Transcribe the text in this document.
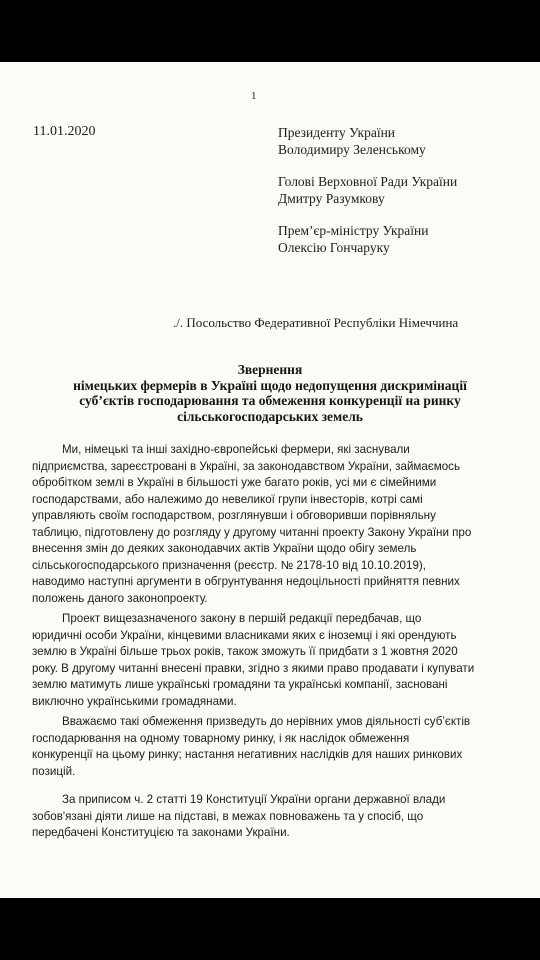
1
11.01.2020	Президенту України
Володимиру Зеленському
Голові Верховної Ради України
Дмитру Разумкову
Прем’єр-міністру України
Олексію Гончаруку
./. Посольство Федеративної Республіки Німеччина
Звернення
німецьких фермерів в Україні щодо недопущення дискримінації
суб’єктів господарювання та обмеження конкуренції на ринку
сільськогосподарських земель
Ми, німецькі та інші західно-європейські фермери, які заснували
підприємства, зареєстровані в Україні, за законодавством України, займаємось
обробітком землі в Україні в більшості уже багато років, усі ми є сімейними
господарствами, або належимо до невеликої групи інвесторів, котрі самі
управляють своїм господарством, розглянувши і обговоривши порівняльну
таблицю, підготовлену до розгляду у другому читанні проекту Закону України про
внесення змін до деяких законодавчих актів України щодо обігу земель
сільськогосподарського призначення (реєстр. № 2178-10 від 10.10.2019),
наводимо наступні аргументи в обгрунтування недоцільності прийняття певних
положень даного законопроекту.
Проект вищезазначеного закону в першій редакції передбачав, що
юридичні особи України, кінцевими власниками яких є іноземці і які орендують
землю в Україні більше трьох років, також зможуть її придбати з 1 жовтня 2020
року. В другому читанні внесені правки, згідно з якими право продавати і купувати
землю матимуть лише українські громадяни та українські компанії, засновані
виключно українськими громадянами.
Вважаємо такі обмеження призведуть до нерівних умов діяльності суб’єктів
господарювання на одному товарному ринку, і як наслідок обмеження
конкуренції на цьому ринку; настання негативних наслідків для наших ринкових
позицій.
За приписом ч. 2 статті 19 Конституції України органи державної влади
зобов'язані діяти лише на підставі, в межах повноважень та у спосіб, що
передбачені Конституцією та законами України.
